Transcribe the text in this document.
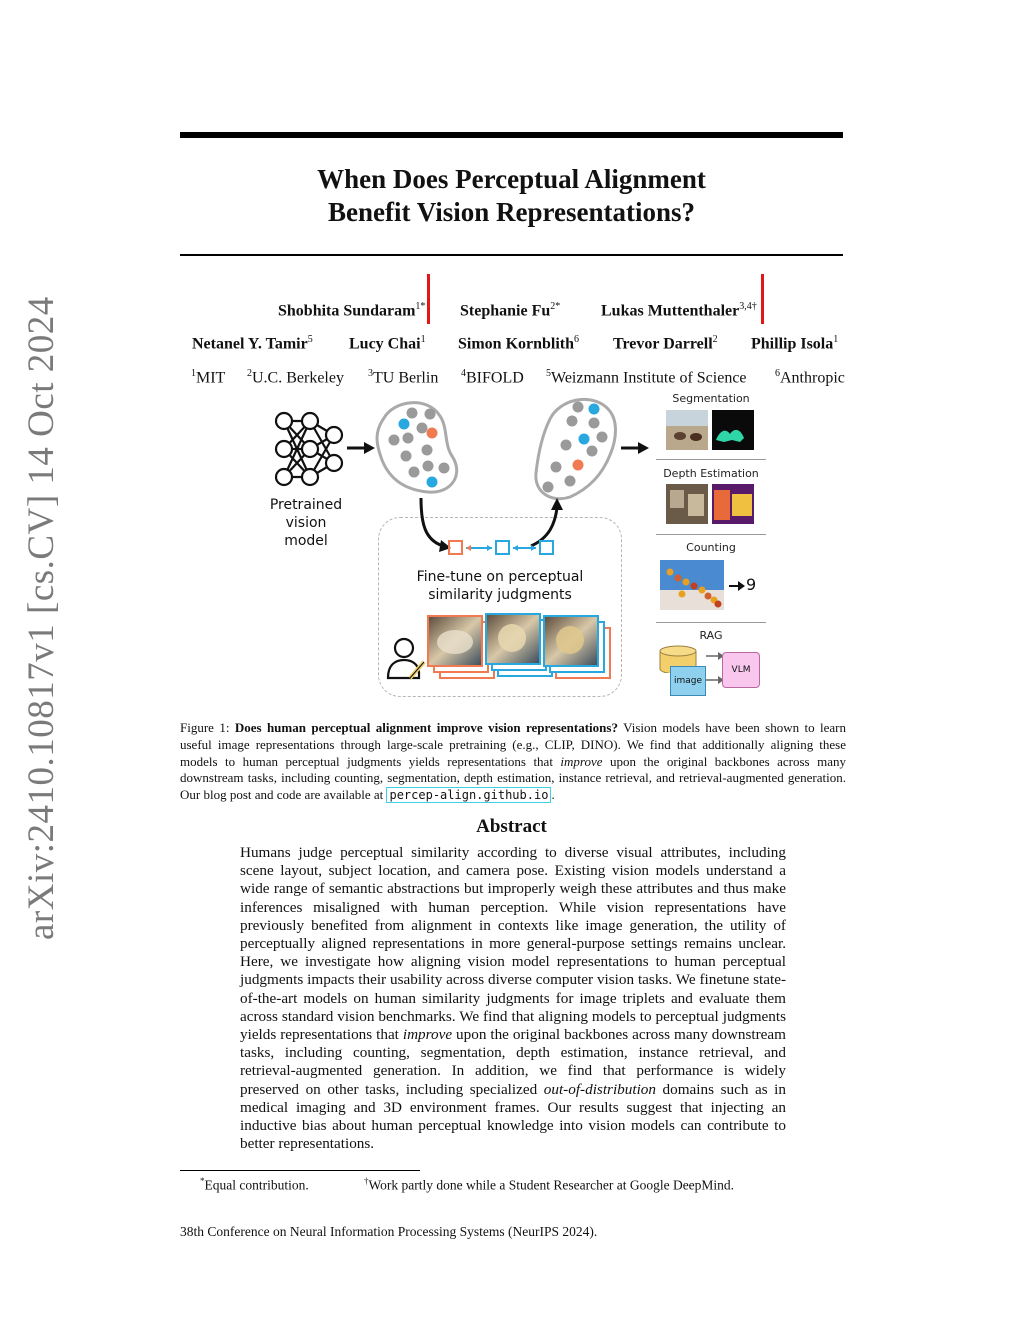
arXiv:2410.10817v1 [cs.CV] 14 Oct 2024
When Does Perceptual Alignment
Benefit Vision Representations?
Shobhita Sundaram$^{1*}$ Stephanie $Fu^{2*}$	Lukas Muttenthaler$^{3,4\dagger}$
Netanel Y. Tamir$^5$ Lucy Chai$^1$ Simon Kornblith$^6$ Trevor Darrell$^2$ Phillip Isola$^1$
$^1$MIT $^2$U.C. Berkeley $^3$TU Berlin $^4$BIFOLD $^5$Weizmann Institute of Science	$^6$Anthropic
Pretrained
vision model
Fine-tune on perceptual
similarity judgments
Segmentation
Depth Estimation
Counting
9
RAG
image
VLM
Figure 1: Does human perceptual alignment improve vision representations? Vision models have been shown to learn useful image representations through large-scale pretraining (e.g., CLIP, DINO). We find that additionally aligning these models to human perceptual judgments yields representations that improve upon the original backbones across many downstream tasks, including counting, segmentation, depth estimation, instance retrieval, and retrieval-augmented generation. Our blog post and code are available at percep-align.github.io .
Abstract
Humans judge perceptual similarity according to diverse visual attributes, including scene layout, subject location, and camera pose. Existing vision models understand a wide range of semantic abstractions but improperly weigh these attributes and thus make inferences misaligned with human perception. While vision representations have previously benefited from alignment in contexts like image generation, the utility of perceptually aligned representations in more general-purpose settings remains unclear. Here, we investigate how aligning vision model representations to human perceptual judgments impacts their usability across diverse computer vision tasks. We finetune state-of-the-art models on human similarity judgments for image triplets and evaluate them across standard vision benchmarks. We find that aligning models to perceptual judgments yields representations that improve upon the original backbones across many downstream tasks, including counting, segmentation, depth estimation, instance retrieval, and retrieval-augmented generation. In addition, we find that performance is widely preserved on other tasks, including specialized out-of-distribution domains such as in medical imaging and 3D environment frames. Our results suggest that injecting an inductive bias about human perceptual knowledge into vision models can contribute to better representations.
*Equal contribution.	†Work partly done while a Student Researcher at Google DeepMind.
38th Conference on Neural Information Processing Systems (NeurIPS 2024).
